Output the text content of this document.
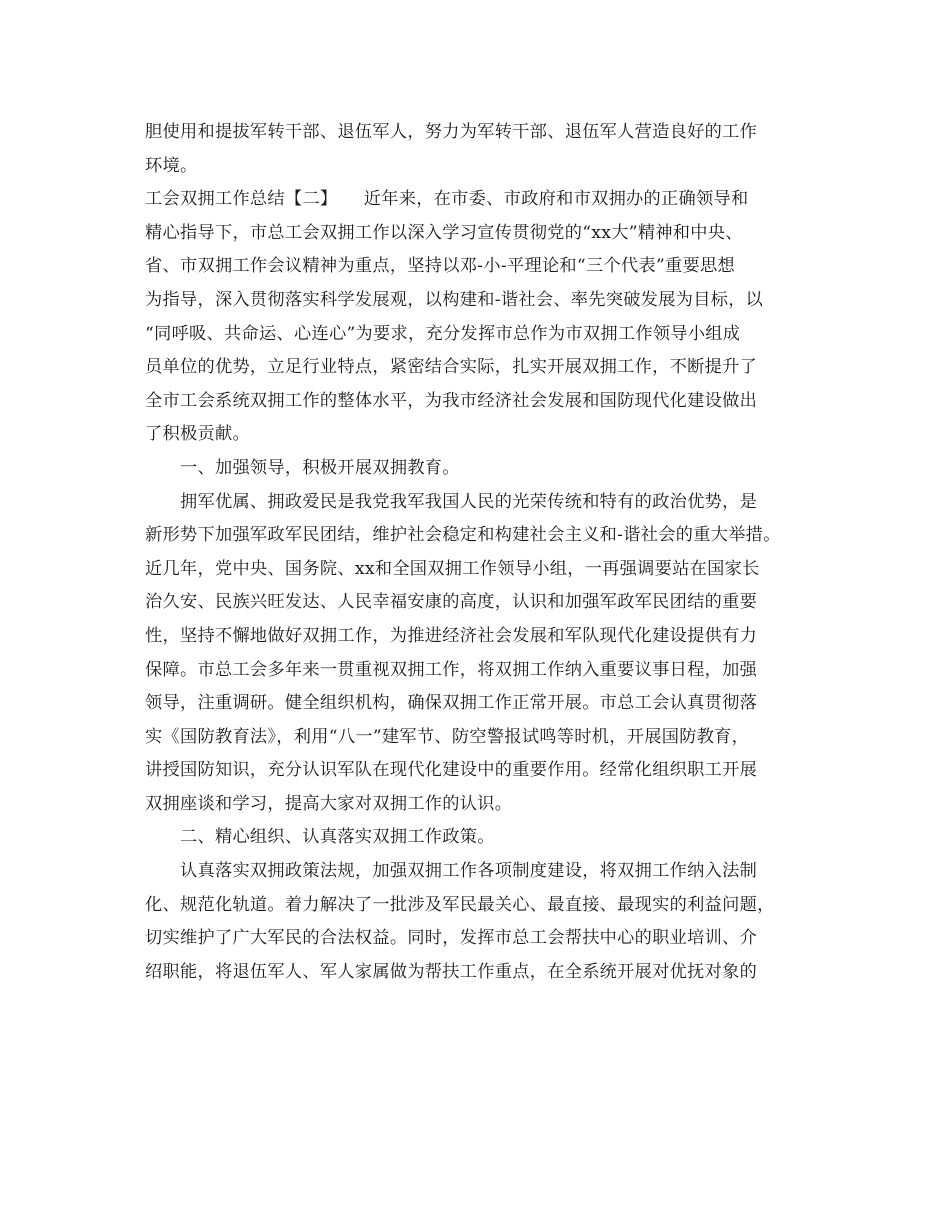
胆使用和提拔军转干部、退伍军人，努力为军转干部、退伍军人营造良好的工作
环境。
工会双拥工作总结【二】　　近年来，在市委、市政府和市双拥办的正确领导和
精心指导下，市总工会双拥工作以深入学习宣传贯彻党的“xx大”精神和中央、
省、市双拥工作会议精神为重点，坚持以邓-小-平理论和“三个代表”重要思想
为指导，深入贯彻落实科学发展观，以构建和-谐社会、率先突破发展为目标，以
“同呼吸、共命运、心连心”为要求，充分发挥市总作为市双拥工作领导小组成
员单位的优势，立足行业特点，紧密结合实际，扎实开展双拥工作，不断提升了
全市工会系统双拥工作的整体水平，为我市经济社会发展和国防现代化建设做出
了积极贡献。
　　一、加强领导，积极开展双拥教育。
　　拥军优属、拥政爱民是我党我军我国人民的光荣传统和特有的政治优势，是
新形势下加强军政军民团结，维护社会稳定和构建社会主义和-谐社会的重大举措。
近几年，党中央、国务院、xx和全国双拥工作领导小组，一再强调要站在国家长
治久安、民族兴旺发达、人民幸福安康的高度，认识和加强军政军民团结的重要
性，坚持不懈地做好双拥工作，为推进经济社会发展和军队现代化建设提供有力
保障。市总工会多年来一贯重视双拥工作，将双拥工作纳入重要议事日程，加强
领导，注重调研。健全组织机构，确保双拥工作正常开展。市总工会认真贯彻落
实《国防教育法》，利用“八一”建军节、防空警报试鸣等时机，开展国防教育，
讲授国防知识，充分认识军队在现代化建设中的重要作用。经常化组织职工开展
双拥座谈和学习，提高大家对双拥工作的认识。
　　二、精心组织、认真落实双拥工作政策。
　　认真落实双拥政策法规，加强双拥工作各项制度建设，将双拥工作纳入法制
化、规范化轨道。着力解决了一批涉及军民最关心、最直接、最现实的利益问题，
切实维护了广大军民的合法权益。同时，发挥市总工会帮扶中心的职业培训、介
绍职能，将退伍军人、军人家属做为帮扶工作重点，在全系统开展对优抚对象的
